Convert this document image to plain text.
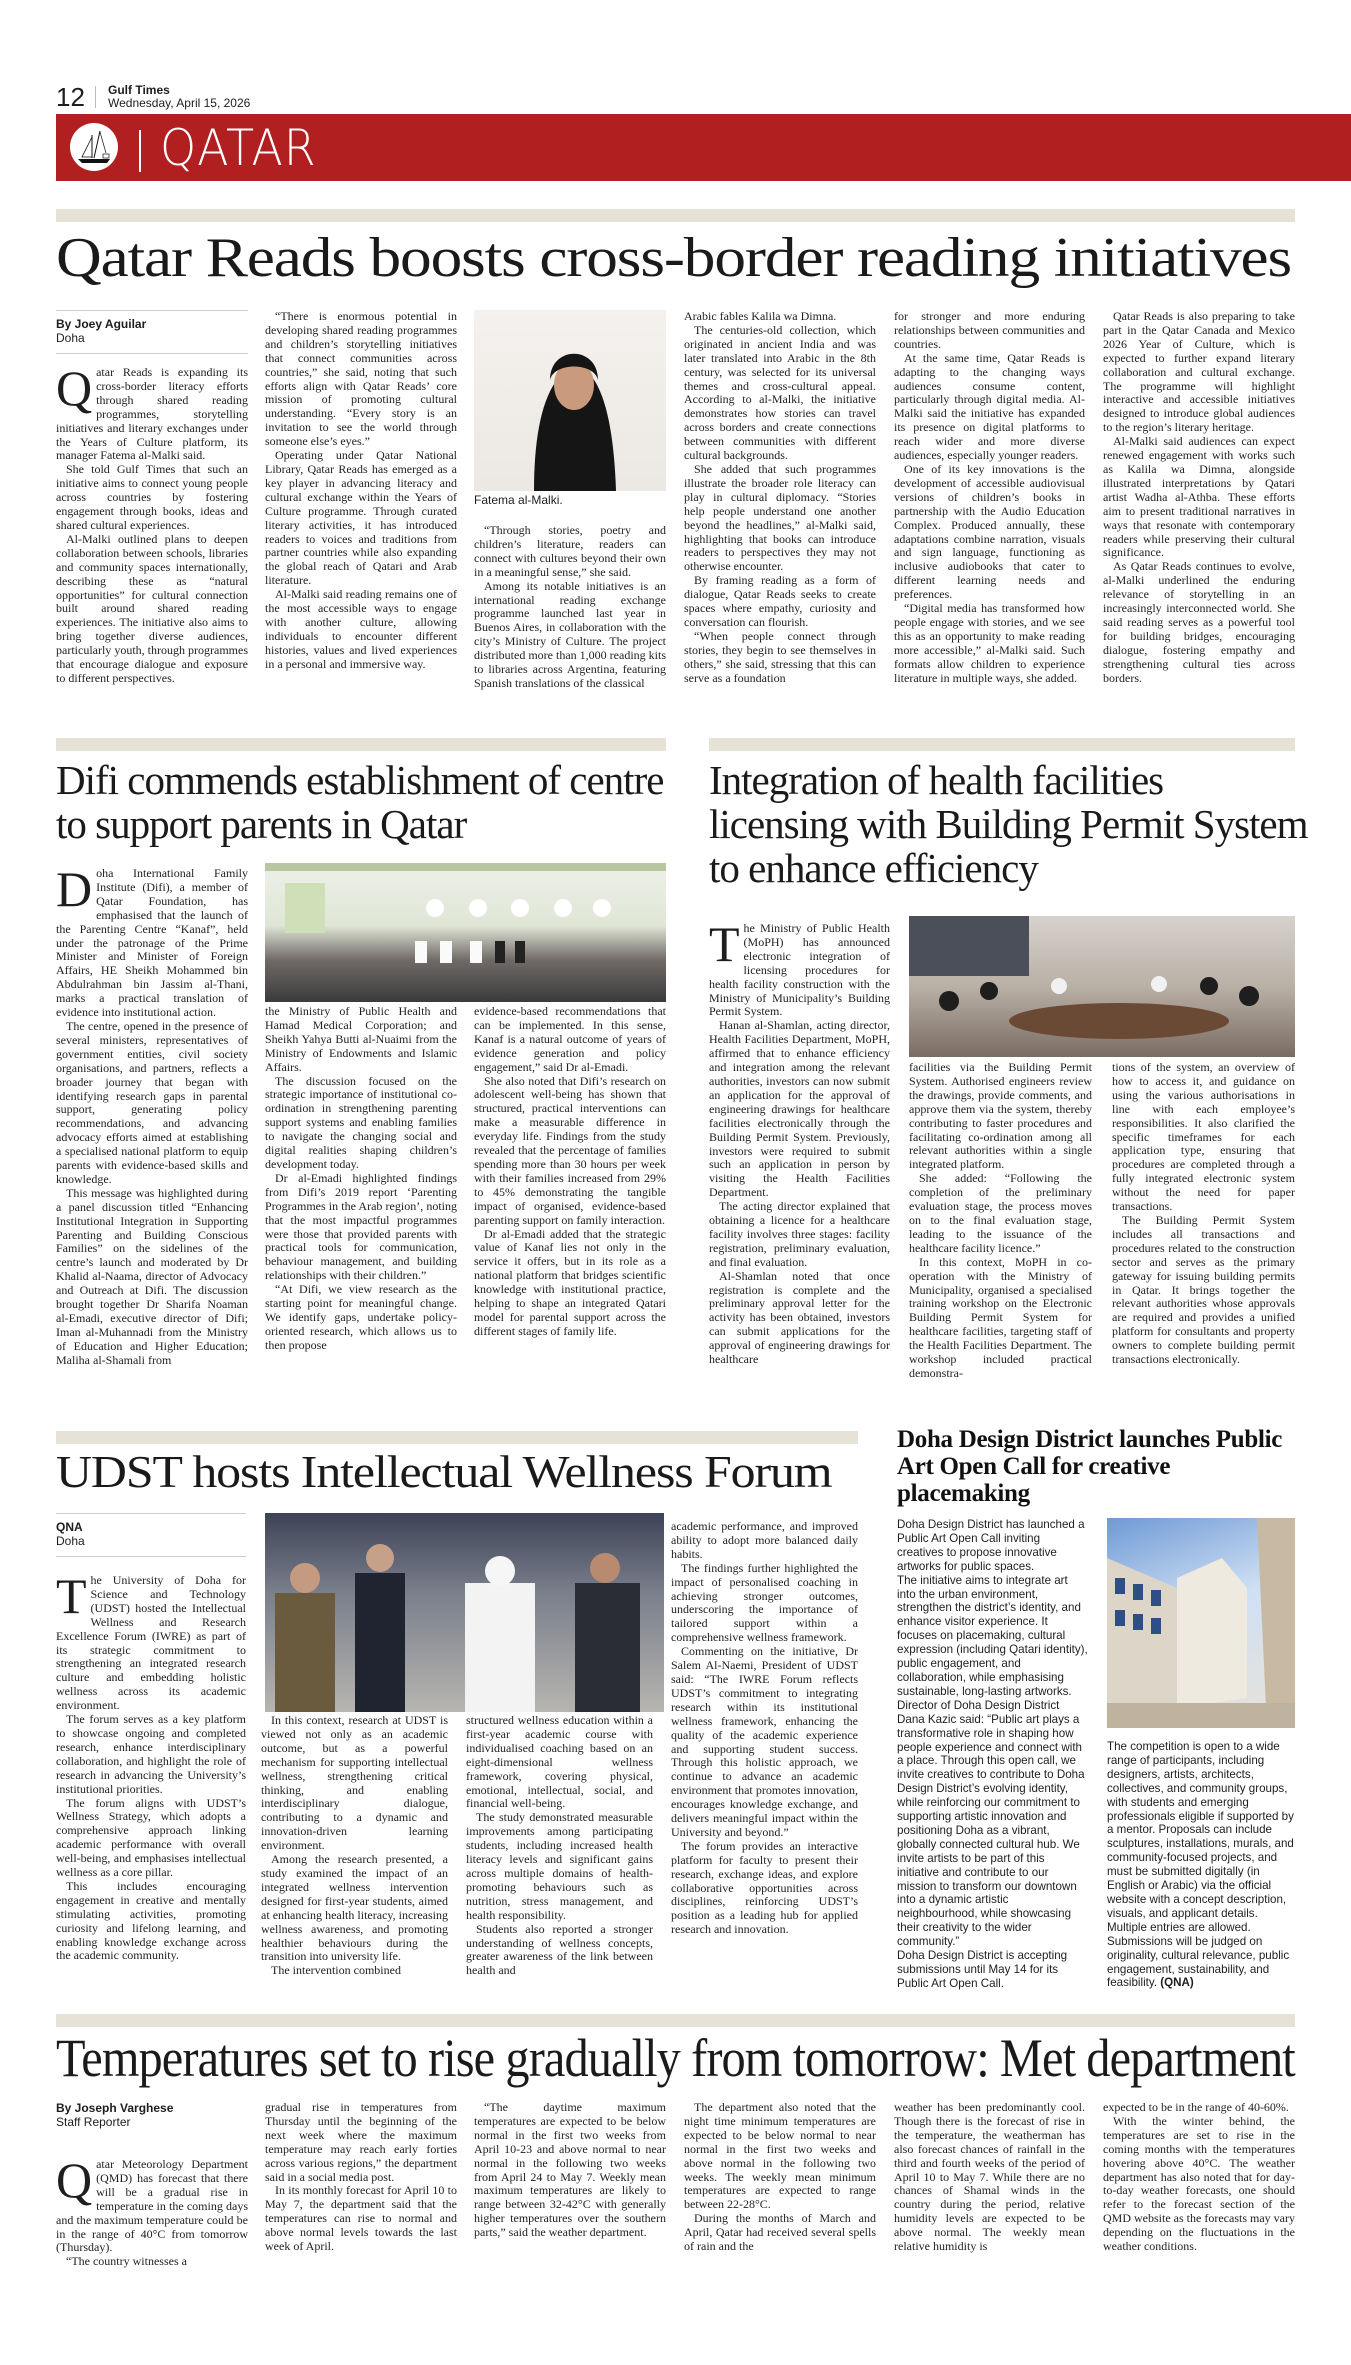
12 Gulf Times
Wednesday, April 15, 2026
QATAR
Qatar Reads boosts cross-border reading initiatives
By Joey Aguilar
Doha

Qatar Reads is expanding its cross-border literacy efforts through shared reading programmes, storytelling initiatives and literary exchanges under the Years of Culture platform, its manager Fatema al-Malki said.

She told Gulf Times that such an initiative aims to connect young people across countries by fostering engagement through books, ideas and shared cultural experiences.

Al-Malki outlined plans to deepen collaboration between schools, libraries and community spaces internationally, describing these as “natural opportunities” for cultural connection built around shared reading experiences. The initiative also aims to bring together diverse audiences, particularly youth, through programmes that encourage dialogue and exposure to different perspectives.

“There is enormous potential in developing shared reading programmes and children’s storytelling initiatives that connect communities across countries,” she said, noting that such efforts align with Qatar Reads’ core mission of promoting cultural understanding. “Every story is an invitation to see the world through someone else’s eyes.”

Operating under Qatar National Library, Qatar Reads has emerged as a key player in advancing literacy and cultural exchange within the Years of Culture programme. Through curated literary activities, it has introduced readers to voices and traditions from partner countries while also expanding the global reach of Qatari and Arab literature.

Al-Malki said reading remains one of the most accessible ways to engage with another culture, allowing individuals to encounter different histories, values and lived experiences in a personal and immersive way.

Fatema al-Malki.

“Through stories, poetry and children’s literature, readers can connect with cultures beyond their own in a meaningful sense,” she said.

Among its notable initiatives is an international reading exchange programme launched last year in Buenos Aires, in collaboration with the city’s Ministry of Culture. The project distributed more than 1,000 reading kits to libraries across Argentina, featuring Spanish translations of the classical

Arabic fables Kalila wa Dimna.

The centuries-old collection, which originated in ancient India and was later translated into Arabic in the 8th century, was selected for its universal themes and cross-cultural appeal. According to al-Malki, the initiative demonstrates how stories can travel across borders and create connections between communities with different cultural backgrounds.

She added that such programmes illustrate the broader role literacy can play in cultural diplomacy. “Stories help people understand one another beyond the headlines,” al-Malki said, highlighting that books can introduce readers to perspectives they may not otherwise encounter.

By framing reading as a form of dialogue, Qatar Reads seeks to create spaces where empathy, curiosity and conversation can flourish.

“When people connect through stories, they begin to see themselves in others,” she said, stressing that this can serve as a foundation

for stronger and more enduring relationships between communities and countries.

At the same time, Qatar Reads is adapting to the changing ways audiences consume content, particularly through digital media. Al-Malki said the initiative has expanded its presence on digital platforms to reach wider and more diverse audiences, especially younger readers.

One of its key innovations is the development of accessible audiovisual versions of children’s books in partnership with the Audio Education Complex. Produced annually, these adaptations combine narration, visuals and sign language, functioning as inclusive audiobooks that cater to different learning needs and preferences.

“Digital media has transformed how people engage with stories, and we see this as an opportunity to make reading more accessible,” al-Malki said. Such formats allow children to experience literature in multiple ways, she added.

Qatar Reads is also preparing to take part in the Qatar Canada and Mexico 2026 Year of Culture, which is expected to further expand literary collaboration and cultural exchange. The programme will highlight interactive and accessible initiatives designed to introduce global audiences to the region’s literary heritage.

Al-Malki said audiences can expect renewed engagement with works such as Kalila wa Dimna, alongside illustrated interpretations by Qatari artist Wadha al-Athba. These efforts aim to present traditional narratives in ways that resonate with contemporary readers while preserving their cultural significance.

As Qatar Reads continues to evolve, al-Malki underlined the enduring relevance of storytelling in an increasingly interconnected world. She said reading serves as a powerful tool for building bridges, encouraging dialogue, fostering empathy and strengthening cultural ties across borders.

Difi commends establishment of centre to support parents in Qatar

Doha International Family Institute (Difi), a member of Qatar Foundation, has emphasised that the launch of the Parenting Centre “Kanaf”, held under the patronage of the Prime Minister and Minister of Foreign Affairs, HE Sheikh Mohammed bin Abdulrahman bin Jassim al-Thani, marks a practical translation of evidence into institutional action.

The centre, opened in the presence of several ministers, representatives of government entities, civil society organisations, and partners, reflects a broader journey that began with identifying research gaps in parental support, generating policy recommendations, and advancing advocacy efforts aimed at establishing a specialised national platform to equip parents with evidence-based skills and knowledge.

This message was highlighted during a panel discussion titled “Enhancing Institutional Integration in Supporting Parenting and Building Conscious Families” on the sidelines of the centre’s launch and moderated by Dr Khalid al-Naama, director of Advocacy and Outreach at Difi. The discussion brought together Dr Sharifa Noaman al-Emadi, executive director of Difi; Iman al-Muhannadi from the Ministry of Education and Higher Education; Maliha al-Shamali from

the Ministry of Public Health and Hamad Medical Corporation; and Sheikh Yahya Butti al-Nuaimi from the Ministry of Endowments and Islamic Affairs.

The discussion focused on the strategic importance of institutional co-ordination in strengthening parenting support systems and enabling families to navigate the changing social and digital realities shaping children’s development today.

Dr al-Emadi highlighted findings from Difi’s 2019 report ‘Parenting Programmes in the Arab region’, noting that the most impactful programmes were those that provided parents with practical tools for communication, behaviour management, and building relationships with their children.”

“At Difi, we view research as the starting point for meaningful change. We identify gaps, undertake policy-oriented research, which allows us to then propose

evidence-based recommendations that can be implemented. In this sense, Kanaf is a natural outcome of years of evidence generation and policy engagement,” said Dr al-Emadi.

She also noted that Difi’s research on adolescent well-being has shown that structured, practical interventions can make a measurable difference in everyday life. Findings from the study revealed that the percentage of families spending more than 30 hours per week with their families increased from 29% to 45% demonstrating the tangible impact of organised, evidence-based parenting support on family interaction.

Dr al-Emadi added that the strategic value of Kanaf lies not only in the service it offers, but in its role as a national platform that bridges scientific knowledge with institutional practice, helping to shape an integrated Qatari model for parental support across the different stages of family life.

Integration of health facilities licensing with Building Permit System to enhance efficiency

The Ministry of Public Health (MoPH) has announced electronic integration of licensing procedures for health facility construction with the Ministry of Municipality’s Building Permit System.

Hanan al-Shamlan, acting director, Health Facilities Department, MoPH, affirmed that to enhance efficiency and integration among the relevant authorities, investors can now submit an application for the approval of engineering drawings for healthcare facilities electronically through the Building Permit System. Previously, investors were required to submit such an application in person by visiting the Health Facilities Department.

The acting director explained that obtaining a licence for a healthcare facility involves three stages: facility registration, preliminary evaluation, and final evaluation.

Al-Shamlan noted that once registration is complete and the preliminary approval letter for the activity has been obtained, investors can submit applications for the approval of engineering drawings for healthcare

facilities via the Building Permit System. Authorised engineers review the drawings, provide comments, and approve them via the system, thereby contributing to faster procedures and facilitating co-ordination among all relevant authorities within a single integrated platform.

She added: “Following the completion of the preliminary evaluation stage, the process moves on to the final evaluation stage, leading to the issuance of the healthcare facility licence.”

In this context, MoPH in co-operation with the Ministry of Municipality, organised a specialised training workshop on the Electronic Building Permit System for healthcare facilities, targeting staff of the Health Facilities Department. The workshop included practical demonstra-

tions of the system, an overview of how to access it, and guidance on using the various authorisations in line with each employee’s responsibilities. It also clarified the specific timeframes for each application type, ensuring that procedures are completed through a fully integrated electronic system without the need for paper transactions.

The Building Permit System includes all transactions and procedures related to the construction sector and serves as the primary gateway for issuing building permits in Qatar. It brings together the relevant authorities whose approvals are required and provides a unified platform for consultants and property owners to complete building permit transactions electronically.

UDST hosts Intellectual Wellness Forum
QNA
Doha

The University of Doha for Science and Technology (UDST) hosted the Intellectual Wellness and Research Excellence Forum (IWRE) as part of its strategic commitment to strengthening an integrated research culture and embedding holistic wellness across its academic environment.

The forum serves as a key platform to showcase ongoing and completed research, enhance interdisciplinary collaboration, and highlight the role of research in advancing the University’s institutional priorities.

The forum aligns with UDST’s Wellness Strategy, which adopts a comprehensive approach linking academic performance with overall well-being, and emphasises intellectual wellness as a core pillar.

This includes encouraging engagement in creative and mentally stimulating activities, promoting curiosity and lifelong learning, and enabling knowledge exchange across the academic community.

In this context, research at UDST is viewed not only as an academic outcome, but as a powerful mechanism for supporting intellectual wellness, strengthening critical thinking, and enabling interdisciplinary dialogue, contributing to a dynamic and innovation-driven learning environment.

Among the research presented, a study examined the impact of an integrated wellness intervention designed for first-year students, aimed at enhancing health literacy, increasing wellness awareness, and promoting healthier behaviours during the transition into university life.

The intervention combined

structured wellness education within a first-year academic course with individualised coaching based on an eight-dimensional wellness framework, covering physical, emotional, intellectual, social, and financial well-being.

The study demonstrated measurable improvements among participating students, including increased health literacy levels and significant gains across multiple domains of health-promoting behaviours such as nutrition, stress management, and health responsibility.

Students also reported a stronger understanding of wellness concepts, greater awareness of the link between health and

academic performance, and improved ability to adopt more balanced daily habits.

The findings further highlighted the impact of personalised coaching in achieving stronger outcomes, underscoring the importance of tailored support within a comprehensive wellness framework.

Commenting on the initiative, Dr Salem Al-Naemi, President of UDST said: “The IWRE Forum reflects UDST’s commitment to integrating research within its institutional wellness framework, enhancing the quality of the academic experience and supporting student success. Through this holistic approach, we continue to advance an academic environment that promotes innovation, encourages knowledge exchange, and delivers meaningful impact within the University and beyond.”

The forum provides an interactive platform for faculty to present their research, exchange ideas, and explore collaborative opportunities across disciplines, reinforcing UDST’s position as a leading hub for applied research and innovation.

Doha Design District launches Public Art Open Call for creative placemaking

Doha Design District has launched a Public Art Open Call inviting creatives to propose innovative artworks for public spaces.

The initiative aims to integrate art into the urban environment, strengthen the district’s identity, and enhance visitor experience. It focuses on placemaking, cultural expression (including Qatari identity), public engagement, and collaboration, while emphasising sustainable, long-lasting artworks.

Director of Doha Design District Dana Kazic said: “Public art plays a transformative role in shaping how people experience and connect with a place. Through this open call, we invite creatives to contribute to Doha Design District’s evolving identity, while reinforcing our commitment to supporting artistic innovation and positioning Doha as a vibrant, globally connected cultural hub. We invite artists to be part of this initiative and contribute to our mission to transform our downtown into a dynamic artistic neighbourhood, while showcasing their creativity to the wider community.”

Doha Design District is accepting submissions until May 14 for its Public Art Open Call.

The competition is open to a wide range of participants, including designers, artists, architects, collectives, and community groups, with students and emerging professionals eligible if supported by a mentor. Proposals can include sculptures, installations, murals, and community-focused projects, and must be submitted digitally (in English or Arabic) via the official website with a concept description, visuals, and applicant details. Multiple entries are allowed. Submissions will be judged on originality, cultural relevance, public engagement, sustainability, and feasibility. (QNA)

Temperatures set to rise gradually from tomorrow: Met department
By Joseph Varghese
Staff Reporter

Qatar Meteorology Department (QMD) has forecast that there will be a gradual rise in temperature in the coming days and the maximum temperature could be in the range of 40°C from tomorrow (Thursday).

“The country witnesses a

gradual rise in temperatures from Thursday until the beginning of the next week where the maximum temperature may reach early forties across various regions,” the department said in a social media post.

In its monthly forecast for April 10 to May 7, the department said that the temperatures can rise to normal and above normal levels towards the last week of April.

“The daytime maximum temperatures are expected to be below normal in the first two weeks from April 10-23 and above normal to near normal in the following two weeks from April 24 to May 7. Weekly mean maximum temperatures are likely to range between 32-42°C with generally higher temperatures over the southern parts,” said the weather department.

The department also noted that the night time minimum temperatures are expected to be below normal to near normal in the first two weeks and above normal in the following two weeks. The weekly mean minimum temperatures are expected to range between 22-28°C.

During the months of March and April, Qatar had received several spells of rain and the

weather has been predominantly cool. Though there is the forecast of rise in the temperature, the weatherman has also forecast chances of rainfall in the third and fourth weeks of the period of April 10 to May 7. While there are no chances of Shamal winds in the country during the period, relative humidity levels are expected to be above normal. The weekly mean relative humidity is

expected to be in the range of 40-60%.

With the winter behind, the temperatures are set to rise in the coming months with the temperatures hovering above 40°C. The weather department has also noted that for day-to-day weather forecasts, one should refer to the forecast section of the QMD website as the forecasts may vary depending on the fluctuations in the weather conditions.
